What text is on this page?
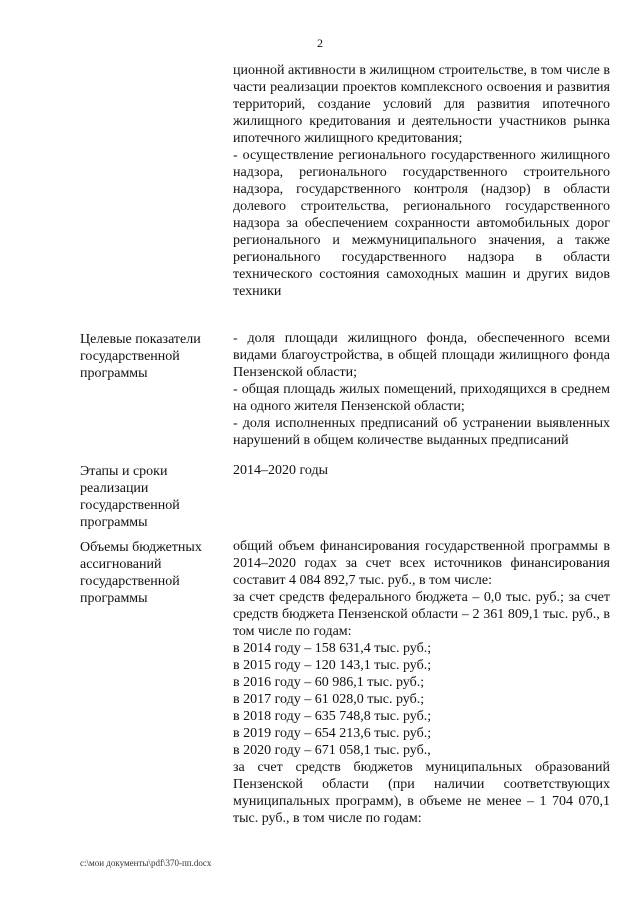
2

ционной активности в жилищном строительстве, в том числе в части реализации проектов комплексного освоения и развития территорий, создание условий для развития ипотечного жилищного кредитования и деятельности участников рынка ипотечного жилищного кредитования;

- осуществление регионального государственного жилищного надзора, регионального государственного строительного надзора, государственного контроля (надзор) в области долевого строительства, регионального государственного надзора за обеспечением сохранности автомобильных дорог регионального и межмуниципального значения, а также регионального государственного надзора в области технического состояния самоходных машин и других видов техники

Целевые показатели государственной программы

- доля площади жилищного фонда, обеспеченного всеми видами благоустройства, в общей площади жилищного фонда Пензенской области;

- общая площадь жилых помещений, приходящихся в среднем на одного жителя Пензенской области;

- доля исполненных предписаний об устранении выявленных нарушений в общем количестве выданных предписаний

Этапы и сроки реализации государственной программы

2014–2020 годы

Объемы бюджетных ассигнований государственной программы

общий объем финансирования государственной программы в 2014–2020 годах за счет всех источников финансирования составит 4 084 892,7 тыс. руб., в том числе:

за счет средств федерального бюджета – 0,0 тыс. руб.; за счет средств бюджета Пензенской области – 2 361 809,1 тыс. руб., в том числе по годам:

в 2014 году – 158 631,4 тыс. руб.;

в 2015 году – 120 143,1 тыс. руб.;

в 2016 году – 60 986,1 тыс. руб.;

в 2017 году – 61 028,0 тыс. руб.;

в 2018 году – 635 748,8 тыс. руб.;

в 2019 году – 654 213,6 тыс. руб.;

в 2020 году – 671 058,1 тыс. руб.,

за счет средств бюджетов муниципальных образований Пензенской области (при наличии соответствующих муниципальных программ), в объеме не менее – 1 704 070,1 тыс. руб., в том числе по годам:

c:\мои документы\pdf\370-пп.docx
